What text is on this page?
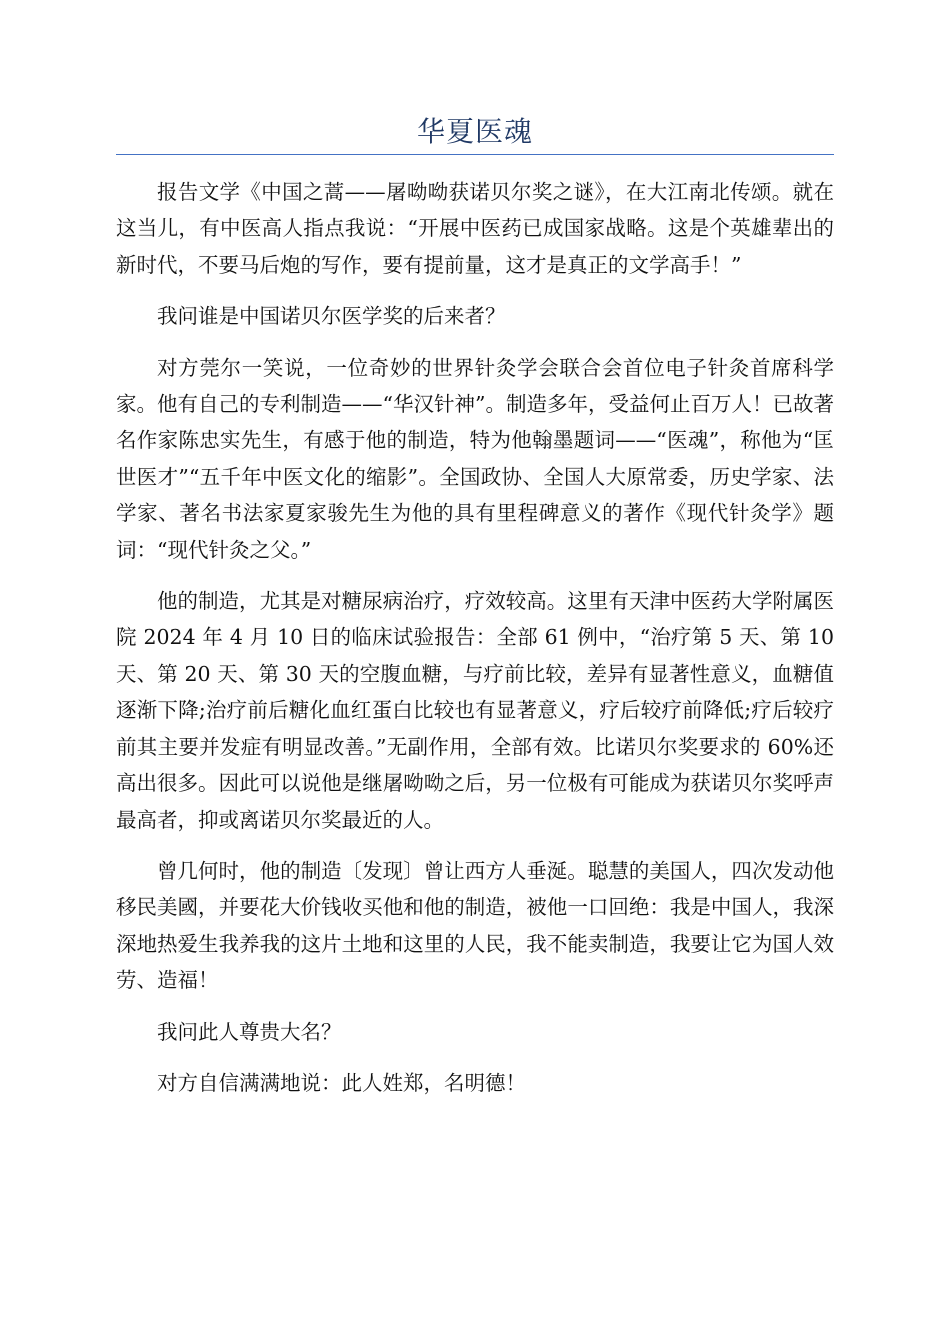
华夏医魂

报告文学《中国之蒿——屠呦呦获诺贝尔奖之谜》，在大江南北传颂。就在这当儿，有中医高人指点我说：“开展中医药已成国家战略。这是个英雄辈出的新时代，不要马后炮的写作，要有提前量，这才是真正的文学高手！”

我问谁是中国诺贝尔医学奖的后来者？

对方莞尔一笑说，一位奇妙的世界针灸学会联合会首位电子针灸首席科学家。他有自己的专利制造——“华汉针神”。制造多年，受益何止百万人！已故著名作家陈忠实先生，有感于他的制造，特为他翰墨题词——“医魂”，称他为“匡世医才”“五千年中医文化的缩影”。全国政协、全国人大原常委，历史学家、法学家、著名书法家夏家骏先生为他的具有里程碑意义的著作《现代针灸学》题词：“现代针灸之父。”

他的制造，尤其是对糖尿病治疗，疗效较高。这里有天津中医药大学附属医院 2024 年 4 月 10 日的临床试验报告：全部 61 例中，“治疗第 5 天、第 10 天、第 20 天、第 30 天的空腹血糖，与疗前比较，差异有显著性意义，血糖值逐渐下降;治疗前后糖化血红蛋白比较也有显著意义，疗后较疗前降低;疗后较疗前其主要并发症有明显改善。”无副作用，全部有效。比诺贝尔奖要求的 60%还高出很多。因此可以说他是继屠呦呦之后，另一位极有可能成为获诺贝尔奖呼声最高者，抑或离诺贝尔奖最近的人。

曾几何时，他的制造〔发现〕曾让西方人垂涎。聪慧的美国人，四次发动他移民美國，并要花大价钱收买他和他的制造，被他一口回绝：我是中国人，我深深地热爱生我养我的这片土地和这里的人民，我不能卖制造，我要让它为国人效劳、造福！

我问此人尊贵大名？

对方自信满满地说：此人姓郑，名明德！
